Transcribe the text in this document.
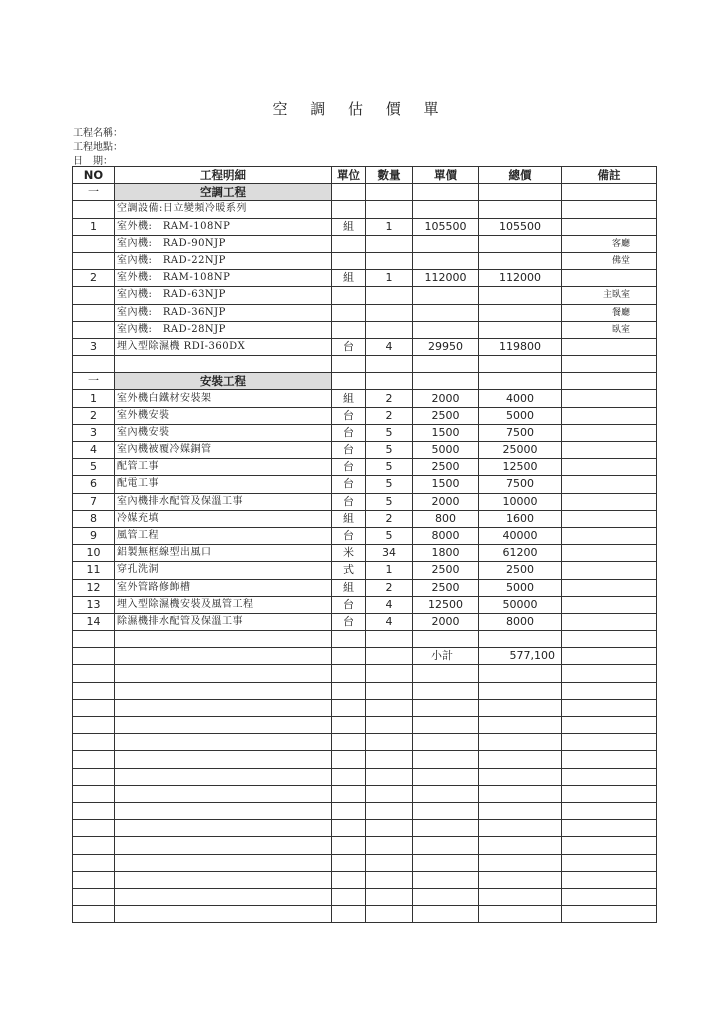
空 調 估 價 單
工程名稱：
工程地點：
日　期：
NO	工程明細	單位	數量	單價	總價	備註
一	空調工程					
	空調設備:日立變頻冷暖系列					
1	室外機:　RAM-108NP	組	1	105500	105500	
	室內機:　RAD-90NJP					客廳
	室內機:　RAD-22NJP					佛堂
2	室外機:　RAM-108NP	組	1	112000	112000	
	室內機:　RAD-63NJP					主臥室
	室內機:　RAD-36NJP					餐廳
	室內機:　RAD-28NJP					臥室
3	埋入型除濕機 RDI-360DX	台	4	29950	119800	

一	安裝工程					
1	室外機白鐵材安裝架	組	2	2000	4000	
2	室外機安裝	台	2	2500	5000	
3	室內機安裝	台	5	1500	7500	
4	室內機被覆冷媒銅管	台	5	5000	25000	
5	配管工事	台	5	2500	12500	
6	配電工事	台	5	1500	7500	
7	室內機排水配管及保溫工事	台	5	2000	10000	
8	冷媒充填	組	2	800	1600	
9	風管工程	台	5	8000	40000	
10	鋁製無框線型出風口	米	34	1800	61200	
11	穿孔洗洞	式	1	2500	2500	
12	室外管路修飾槽	組	2	2500	5000	
13	埋入型除濕機安裝及風管工程	台	4	12500	50000	
14	除濕機排水配管及保溫工事	台	4	2000	8000	

				小計	577,100	
